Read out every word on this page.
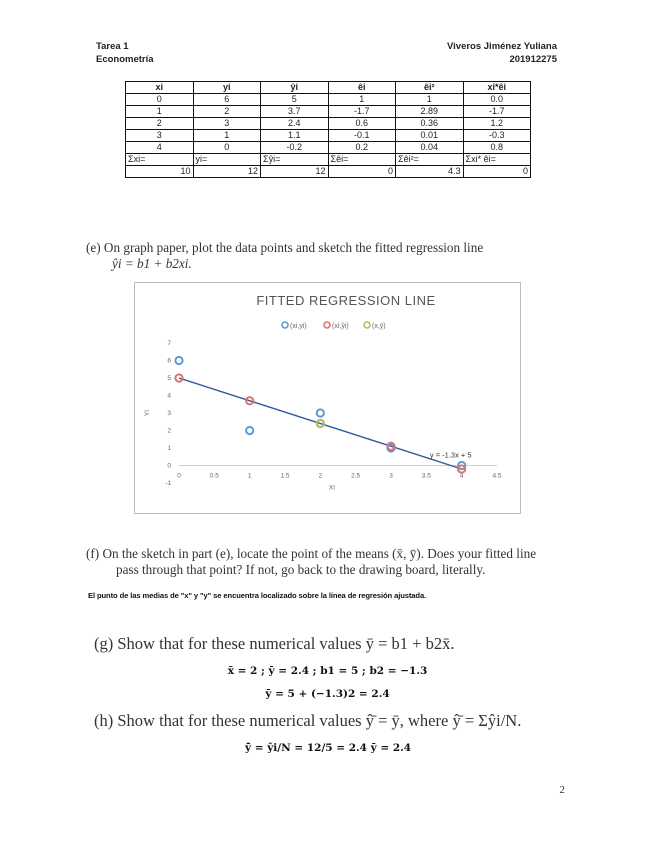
Tarea 1
Econometría
Viveros Jiménez Yuliana
201912275
xi	yi	ŷi	êi	êi²	xi*êi
0	6	5	1	1	0.0
1	2	3.7	-1.7	2.89	-1.7
2	3	2.4	0.6	0.36	1.2
3	1	1.1	-0.1	0.01	-0.3
4	0	-0.2	0.2	0.04	0.8
Σxi=	yi=	Σŷi=	Σêi=	Σêi²=	Σxi* êi=
10	12	12	0	4.3	0
(e) On graph paper, plot the data points and sketch the fitted regression line
ŷi = b1 + b2xi.
FITTED REGRESSION LINE
(xi,yi)	(xi,ŷi)	(x,ȳ)
-1
0
1
2
3
4
5
6
7
0	0.5	1	1.5	2	2.5	3	3.5	4	4.5
XI
YI
y = -1.3x + 5
(f) On the sketch in part (e), locate the point of the means (x̄, ȳ). Does your fitted line
pass through that point? If not, go back to the drawing board, literally.
El punto de las medias de "x" y "y" se encuentra localizado sobre la línea de regresión ajustada.
(g) Show that for these numerical values ȳ = b1 + b2x̄.
x̄ = 2 ; ȳ = 2.4 ; b1 = 5 ; b2 = −1.3
ȳ = 5 + (−1.3)2 = 2.4
(h) Show that for these numerical values ŷ̄ = ȳ, where ŷ̄ = Σŷi/N.
ŷ̄ = ŷi/N = 12/5 = 2.4 ȳ = 2.4
2
